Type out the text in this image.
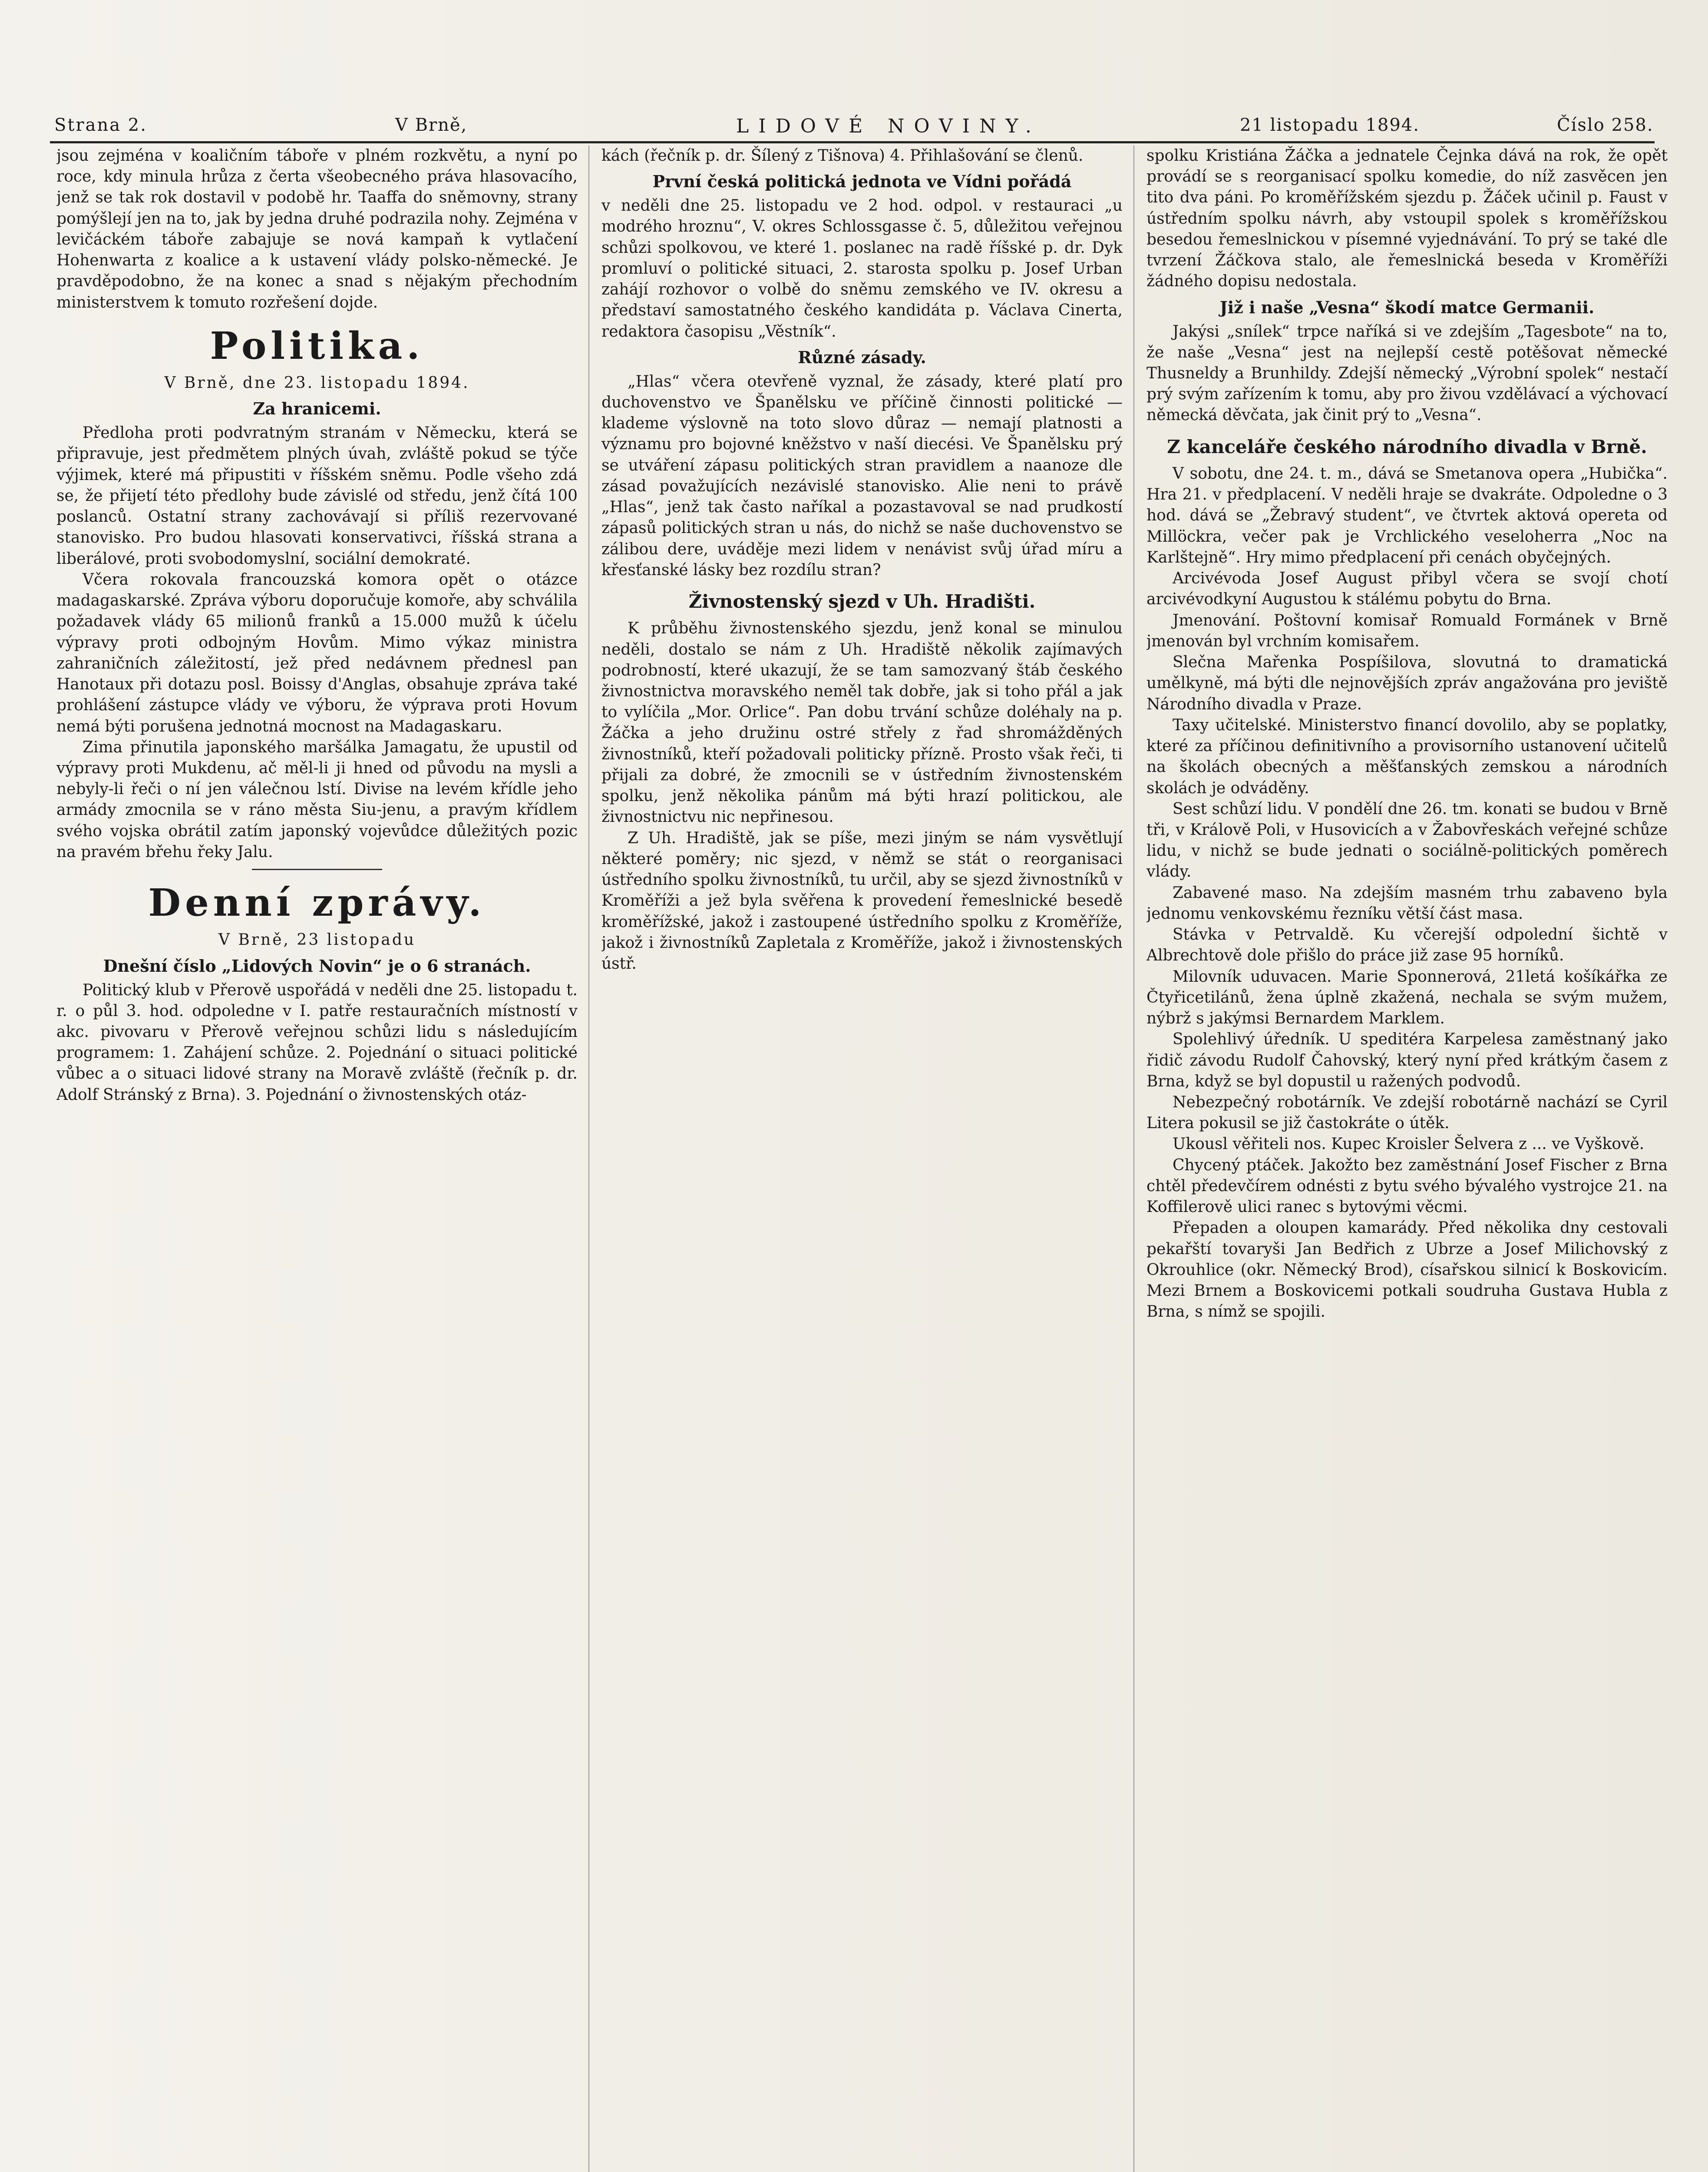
Strana 2.	V Brně,	LIDOVÉ NOVINY.	21 listopadu 1894.	Číslo 258.

jsou zejména v koaličním táboře v plném rozkvětu, a nyní po roce, kdy minula hrůza z čerta všeobecného práva hlasovacího, jenž se tak rok dostavil v podobě hr. Taaffa do sněmovny, strany pomýšlejí jen na to, jak by jedna druhé podrazila nohy. Zejména v levičáckém táboře zabajuje se nová kampaň k vytlačení Hohenwarta z koalice a k ustavení vlády polsko-německé. Je pravděpodobno, že na konec a snad s nějakým přechodním ministerstvem k tomuto rozřešení dojde.

Politika.
V Brně, dne 23. listopadu 1894.
Za hranicemi.

Předloha proti podvratným stranám v Německu, která se připravuje, jest předmětem plných úvah, zvláště pokud se týče výjimek, které má připustiti v říšském sněmu. Podle všeho zdá se, že přijetí této předlohy bude závislé od středu, jenž čítá 100 poslanců. Ostatní strany zachovávají si příliš rezervované stanovisko. Pro budou hlasovati konservativci, říšská strana a liberálové, proti svobodomyslní, sociální demokraté.

Včera rokovala francouzská komora opět o otázce madagaskarské. Zpráva výboru doporučuje komoře, aby schválila požadavek vlády 65 milionů franků a 15.000 mužů k účelu výpravy proti odbojným Hovům. Mimo výkaz ministra zahraničních záležitostí, jež před nedávnem přednesl pan Hanotaux při dotazu posl. Boissy d'Anglas, obsahuje zpráva také prohlášení zástupce vlády ve výboru, že výprava proti Hovum nemá býti porušena jednotná mocnost na Madagaskaru.

Zima přinutila japonského maršálka Jamagatu, že upustil od výpravy proti Mukdenu, ač měl-li ji hned od původu na mysli a nebyly-li řeči o ní jen válečnou lstí. Divise na levém křídle jeho armády zmocnila se v ráno města Siu-jenu, a pravým křídlem svého vojska obrátil zatím japonský vojevůdce důležitých pozic na pravém břehu řeky Jalu.

Denní zprávy.
V Brně, 23 listopadu
Dnešní číslo „Lidových Novin“ je o 6 stranách.

Politický klub v Přerově uspořádá v neděli dne 25. listopadu t. r. o půl 3. hod. odpoledne v I. patře restauračních místností v akc. pivovaru v Přerově veřejnou schůzi lidu s následujícím programem: 1. Zahájení schůze. 2. Pojednání o situaci politické vůbec a o situaci lidové strany na Moravě zvláště (řečník p. dr. Adolf Stránský z Brna). 3. Pojednání o živnostenských otáz-

kách (řečník p. dr. Šílený z Tišnova) 4. Přihlašování se členů.

První česká politická jednota ve Vídni pořádá

v neděli dne 25. listopadu ve 2 hod. odpol. v restauraci „u modrého hroznu“, V. okres Schlossgasse č. 5, důležitou veřejnou schůzi spolkovou, ve které 1. poslanec na radě říšské p. dr. Dyk promluví o politické situaci, 2. starosta spolku p. Josef Urban zahájí rozhovor o volbě do sněmu zemského ve IV. okresu a představí samostatného českého kandidáta p. Václava Cinerta, redaktora časopisu „Věstník“.

Různé zásady.

„Hlas“ včera otevřeně vyznal, že zásady, které platí pro duchovenstvo ve Španělsku ve příčině činnosti politické — klademe výslovně na toto slovo důraz — nemají platnosti a významu pro bojovné kněžstvo v naší diecési. Ve Španělsku prý se utváření zápasu politických stran pravidlem a naanoze dle zásad považujících nezávislé stanovisko. Alie neni to právě „Hlas“, jenž tak často naříkal a pozastavoval se nad prudkostí zápasů politických stran u nás, do nichž se naše duchovenstvo se zálibou dere, uváděje mezi lidem v nenávist svůj úřad míru a křesťanské lásky bez rozdílu stran?

Živnostenský sjezd v Uh. Hradišti.

K průběhu živnostenského sjezdu, jenž konal se minulou neděli, dostalo se nám z Uh. Hradiště několik zajímavých podrobností, které ukazují, že se tam samozvaný štáb českého živnostnictva moravského neměl tak dobře, jak si toho přál a jak to vylíčila „Mor. Orlice“. Pan dobu trvání schůze doléhaly na p. Žáčka a jeho družinu ostré střely z řad shromážděných živnostníků, kteří požadovali politicky přízně. Prosto však řeči, ti přijali za dobré, že zmocnili se v ústředním živnostenském spolku, jenž několika pánům má býti hrazí politickou, ale živnostnictvu nic nepřinesou.

Z Uh. Hradiště, jak se píše, mezi jiným se nám vysvětlují některé poměry; nic sjezd, v němž se stát o reorganisaci ústředního spolku živnostníků, tu určil, aby se sjezd živnostníků v Kroměříži a jež byla svěřena k provedení řemeslnické besedě kroměřížské, jakož i zastoupené ústředního spolku z Kroměříže, jakož i živnostníků Zapletala z Kroměříže, jakož i živnostenských ústř.

spolku Kristiána Žáčka a jednatele Čejnka dává na rok, že opět provádí se s reorganisací spolku komedie, do níž zasvěcen jen tito dva páni. Po kroměřížském sjezdu p. Žáček učinil p. Faust v ústředním spolku návrh, aby vstoupil spolek s kroměřížskou besedou řemeslnickou v písemné vyjednávání. To prý se také dle tvrzení Žáčkova stalo, ale řemeslnická beseda v Kroměříži žádného dopisu nedostala.

Již i naše „Vesna“ škodí matce Germanii.

Jakýsi „snílek“ trpce naříká si ve zdejším „Tagesbote“ na to, že naše „Vesna“ jest na nejlepší cestě potěšovat německé Thusneldy a Brunhildy. Zdejší německý „Výrobní spolek“ nestačí prý svým zařízením k tomu, aby pro živou vzdělávací a výchovací německá děvčata, jak činit prý to „Vesna“.

Z kanceláře českého národního divadla v Brně.

V sobotu, dne 24. t. m., dává se Smetanova opera „Hubička“. Hra 21. v předplacení. V neděli hraje se dvakráte. Odpoledne o 3 hod. dává se „Žebravý student“, ve čtvrtek aktová opereta od Millöckra, večer pak je Vrchlického veseloherra „Noc na Karlštejně“. Hry mimo předplacení při cenách obyčejných.

Arcivévoda Josef August přibyl včera se svojí chotí arcivévodkyní Augustou k stálému pobytu do Brna.

Jmenování. Poštovní komisař Romuald Formánek v Brně jmenován byl vrchním komisařem.

Slečna Mařenka Pospíšilova, slovutná to dramatická umělkyně, má býti dle nejnovějších zpráv angažována pro jeviště Národního divadla v Praze.

Taxy učitelské. Ministerstvo financí dovolilo, aby se poplatky, které za příčinou definitivního a provisorního ustanovení učitelů na školách obecných a měšťanských zemskou a národních skolách je odváděny.

Sest schůzí lidu. V pondělí dne 26. tm. konati se budou v Brně tři, v Králově Poli, v Husovicích a v Žabovřeskách veřejné schůze lidu, v nichž se bude jednati o sociálně-politických poměrech vlády.

Zabavené maso. Na zdejším masném trhu zabaveno byla jednomu venkovskému řezníku větší část masa.

Stávka v Petrvaldě. Ku včerejší odpolední šichtě v Albrechtově dole přišlo do práce již zase 95 horníků.

Milovník uduvacen. Marie Sponnerová, 21letá košíkářka ze Čtyřicetilánů, žena úplně zkažená, nechala se svým mužem, nýbrž s jakýmsi Bernardem Marklem.

Spolehlivý úředník. U speditéra Karpelesa zaměstnaný jako řidič závodu Rudolf Čahovský, který nyní před krátkým časem z Brna, když se byl dopustil u ražených podvodů.

Nebezpečný robotárník. Ve zdejší robotárně nachází se Cyril Litera pokusil se již častokráte o útěk.

Ukousl věřiteli nos. Kupec Kroisler Šelvera z ... ve Vyškově.

Chycený ptáček. Jakožto bez zaměstnání Josef Fischer z Brna chtěl předevčírem odnésti z bytu svého bývalého vystrojce 21. na Koffilerově ulici ranec s bytovými věcmi.

Přepaden a oloupen kamarády. Před několika dny cestovali pekařští tovaryši Jan Bedřich z Ubrze a Josef Milichovský z Okrouhlice (okr. Německý Brod), císařskou silnicí k Boskovicím. Mezi Brnem a Boskovicemi potkali soudruha Gustava Hubla z Brna, s nímž se spojili.
